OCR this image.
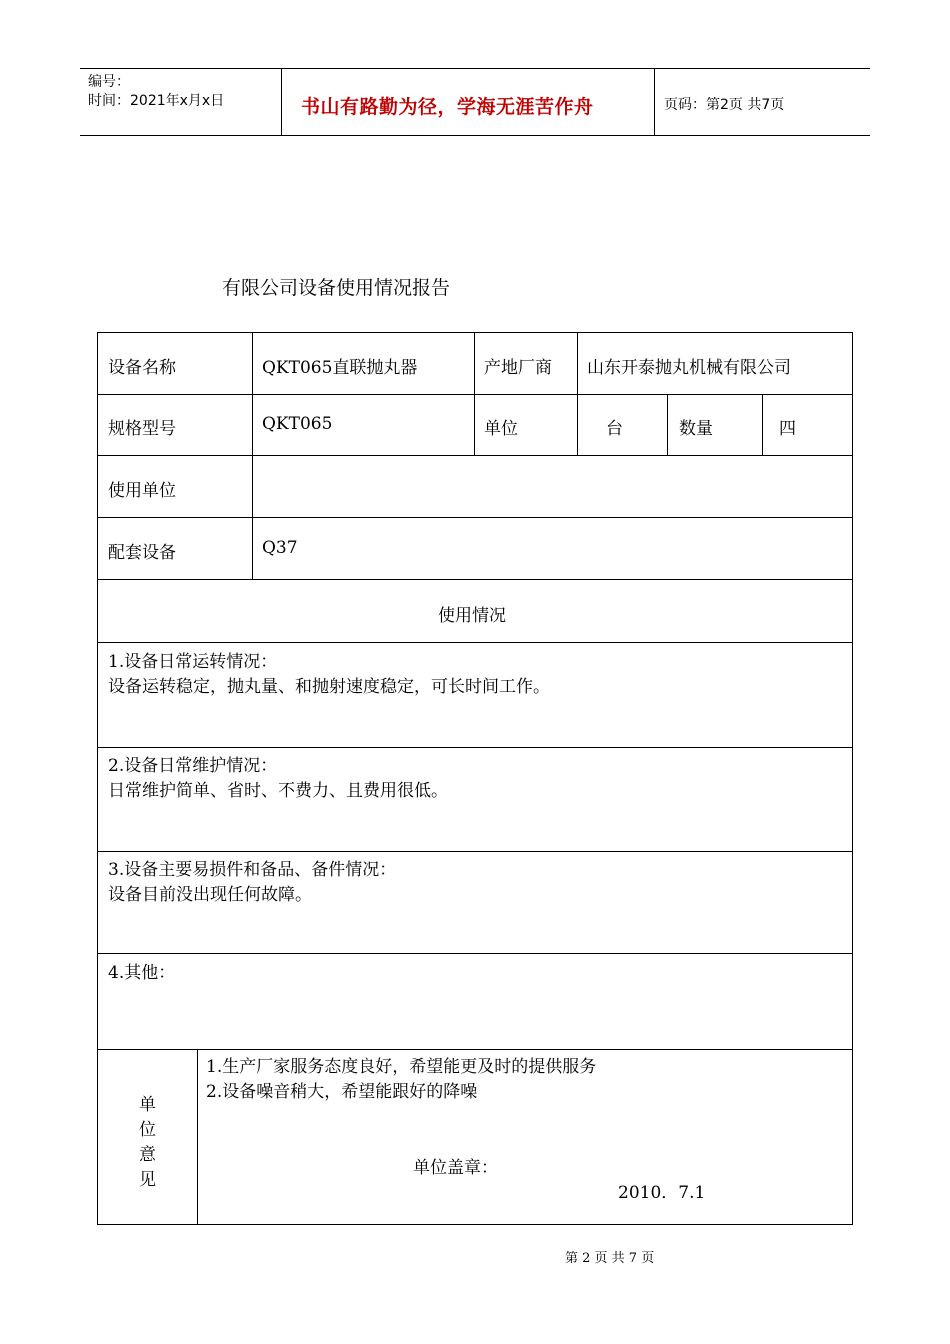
编号：
时间：2021年x月x日	书山有路勤为径，学海无涯苦作舟	页码：第2页 共7页
有限公司设备使用情况报告
设备名称	QKT065直联抛丸器	产地厂商 山东开泰抛丸机械有限公司
规格型号	QKT065	单位	台	数量	四
使用单位
配套设备	Q37
使用情况
1.设备日常运转情况：
设备运转稳定，抛丸量、和抛射速度稳定，可长时间工作。
2.设备日常维护情况：
日常维护简单、省时、不费力、且费用很低。
3.设备主要易损件和备品、备件情况：
设备目前没出现任何故障。
4.其他：
单
位
意
见
1.生产厂家服务态度良好，希望能更及时的提供服务
2.设备噪音稍大，希望能跟好的降噪
单位盖章：
2010．7.1
第 2 页 共 7 页
